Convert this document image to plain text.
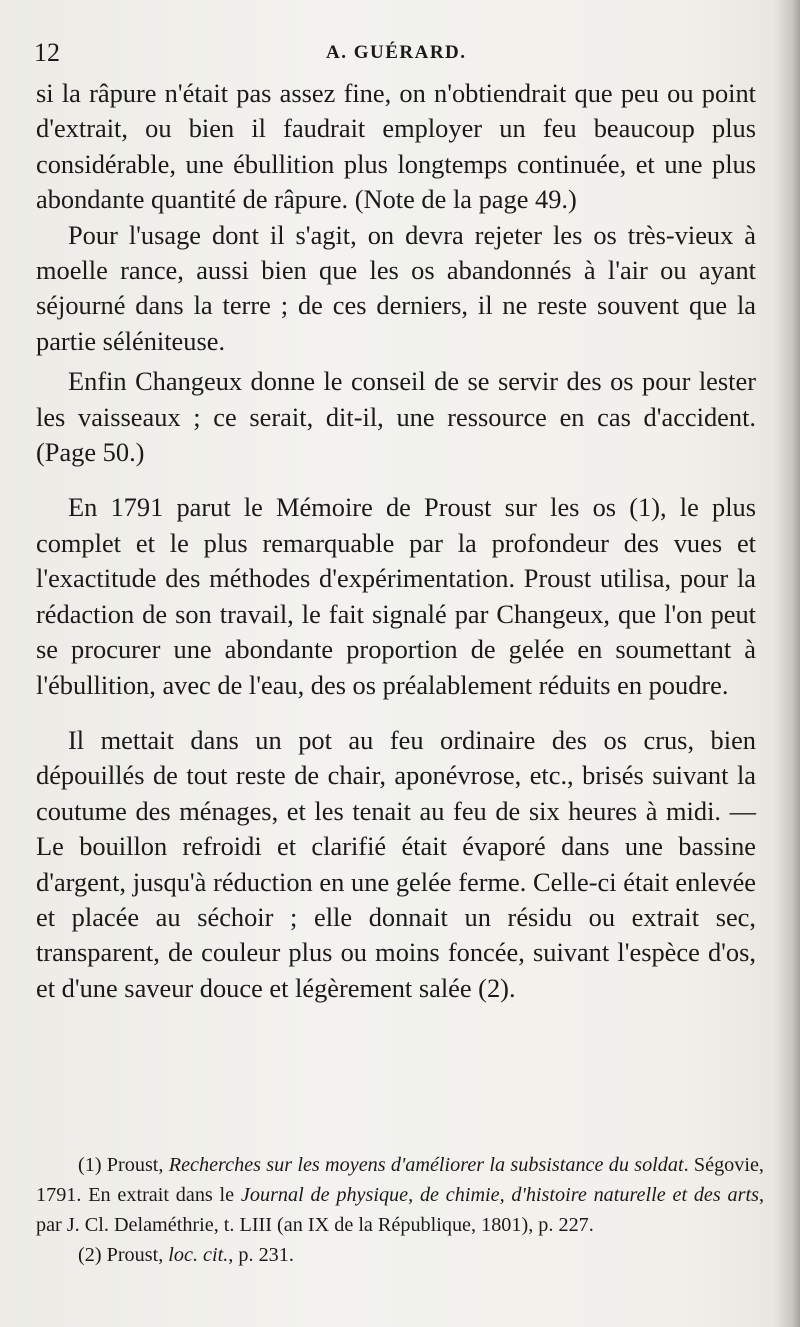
12	A. GUÉRARD.

si la râpure n'était pas assez fine, on n'obtiendrait que peu ou point d'extrait, ou bien il faudrait employer un feu beaucoup plus considérable, une ébullition plus longtemps continuée, et une plus abondante quantité de râpure. (Note de la page 49.)

Pour l'usage dont il s'agit, on devra rejeter les os très-vieux à moelle rance, aussi bien que les os abandonnés à l'air ou ayant séjourné dans la terre ; de ces derniers, il ne reste souvent que la partie séléniteuse.

Enfin Changeux donne le conseil de se servir des os pour lester les vaisseaux ; ce serait, dit-il, une ressource en cas d'accident. (Page 50.)

En 1791 parut le Mémoire de Proust sur les os (1), le plus complet et le plus remarquable par la profondeur des vues et l'exactitude des méthodes d'expérimentation. Proust utilisa, pour la rédaction de son travail, le fait signalé par Changeux, que l'on peut se procurer une abondante proportion de gelée en soumettant à l'ébullition, avec de l'eau, des os préalablement réduits en poudre.

Il mettait dans un pot au feu ordinaire des os crus, bien dépouillés de tout reste de chair, aponévrose, etc., brisés suivant la coutume des ménages, et les tenait au feu de six heures à midi. — Le bouillon refroidi et clarifié était évaporé dans une bassine d'argent, jusqu'à réduction en une gelée ferme. Celle-ci était enlevée et placée au séchoir ; elle donnait un résidu ou extrait sec, transparent, de couleur plus ou moins foncée, suivant l'espèce d'os, et d'une saveur douce et légèrement salée (2).

(1) Proust, Recherches sur les moyens d'améliorer la subsistance du soldat. Ségovie, 1791. En extrait dans le Journal de physique, de chimie, d'histoire naturelle et des arts, par J. Cl. Delaméthrie, t. LIII (an IX de la République, 1801), p. 227.

(2) Proust, loc. cit., p. 231.
